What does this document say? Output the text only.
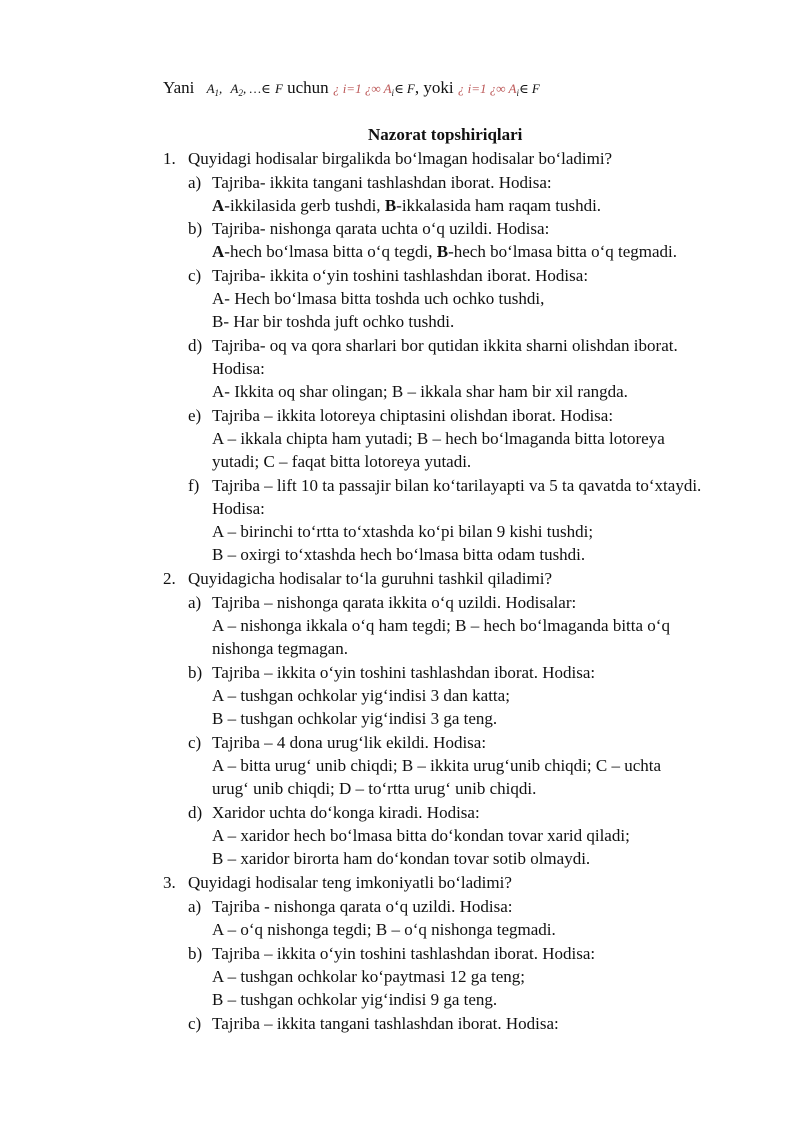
Yani $A_1$, $A_2$, …∈ F uchun ¿ i=1 ¿∞ $A_i\in$ F, yoki ¿ i=1 ¿∞ $A_i\in$ F
Nazorat topshiriqlari
1. Quyidagi hodisalar birgalikda bo‘lmagan hodisalar bo‘ladimi?
a) Tajriba- ikkita tangani tashlashdan iborat. Hodisa:
A-ikkilasida gerb tushdi, B-ikkalasida ham raqam tushdi.
b) Tajriba- nishonga qarata uchta o‘q uzildi. Hodisa:
A-hech bo‘lmasa bitta o‘q tegdi, B-hech bo‘lmasa bitta o‘q tegmadi.
c) Tajriba- ikkita o‘yin toshini tashlashdan iborat. Hodisa:
A- Hech bo‘lmasa bitta toshda uch ochko tushdi,
B- Har bir toshda juft ochko tushdi.
d) Tajriba- oq va qora sharlari bor qutidan ikkita sharni olishdan iborat.
Hodisa:
A- Ikkita oq shar olingan; B – ikkala shar ham bir xil rangda.
e) Tajriba – ikkita lotoreya chiptasini olishdan iborat. Hodisa:
A – ikkala chipta ham yutadi; B – hech bo‘lmaganda bitta lotoreya
yutadi; C – faqat bitta lotoreya yutadi.
f) Tajriba – lift 10 ta passajir bilan ko‘tarilayapti va 5 ta qavatda to‘xtaydi.
Hodisa:
A – birinchi to‘rtta to‘xtashda ko‘pi bilan 9 kishi tushdi;
B – oxirgi to‘xtashda hech bo‘lmasa bitta odam tushdi.
2. Quyidagicha hodisalar to‘la guruhni tashkil qiladimi?
a) Tajriba – nishonga qarata ikkita o‘q uzildi. Hodisalar:
A – nishonga ikkala o‘q ham tegdi; B – hech bo‘lmaganda bitta o‘q
nishonga tegmagan.
b) Tajriba – ikkita o‘yin toshini tashlashdan iborat. Hodisa:
A – tushgan ochkolar yig‘indisi 3 dan katta;
B – tushgan ochkolar yig‘indisi 3 ga teng.
c) Tajriba – 4 dona urug‘lik ekildi. Hodisa:
A – bitta urug‘ unib chiqdi; B – ikkita urug‘unib chiqdi; C – uchta
urug‘ unib chiqdi; D – to‘rtta urug‘ unib chiqdi.
d) Xaridor uchta do‘konga kiradi. Hodisa:
A – xaridor hech bo‘lmasa bitta do‘kondan tovar xarid qiladi;
B – xaridor birorta ham do‘kondan tovar sotib olmaydi.
3. Quyidagi hodisalar teng imkoniyatli bo‘ladimi?
a) Tajriba - nishonga qarata o‘q uzildi. Hodisa:
A – o‘q nishonga tegdi; B – o‘q nishonga tegmadi.
b) Tajriba – ikkita o‘yin toshini tashlashdan iborat. Hodisa:
A – tushgan ochkolar ko‘paytmasi 12 ga teng;
B – tushgan ochkolar yig‘indisi 9 ga teng.
c) Tajriba – ikkita tangani tashlashdan iborat. Hodisa:
